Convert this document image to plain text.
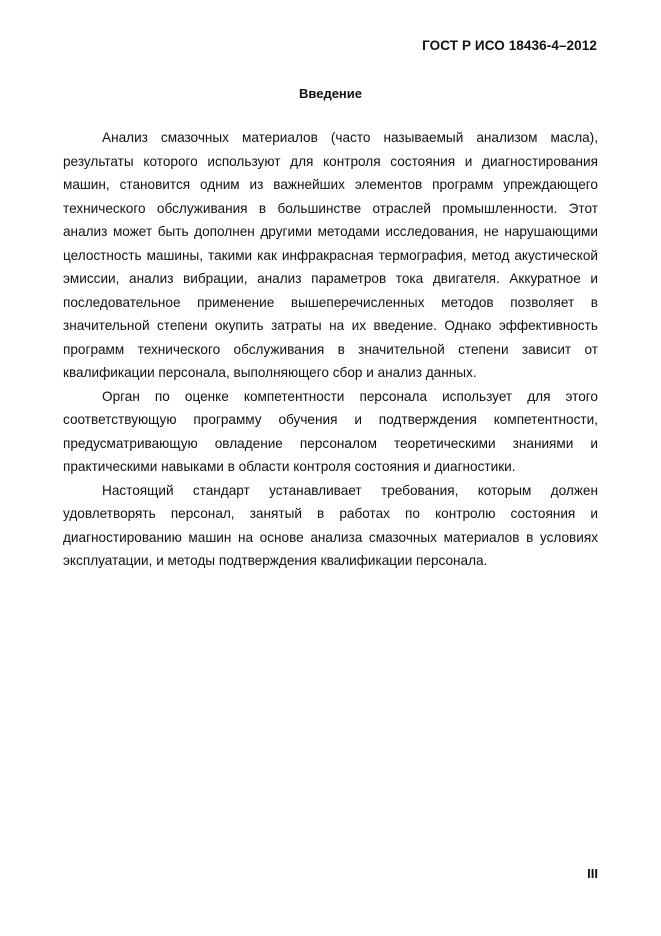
ГОСТ Р ИСО 18436-4–2012
Введение

Анализ смазочных материалов (часто называемый анализом масла), результаты которого используют для контроля состояния и диагностирования машин, становится одним из важнейших элементов программ упреждающего технического обслуживания в большинстве отраслей промышленности. Этот анализ может быть дополнен другими методами исследования, не нарушающими целостность машины, такими как инфракрасная термография, метод акустической эмиссии, анализ вибрации, анализ параметров тока двигателя. Аккуратное и последовательное применение вышеперечисленных методов позволяет в значительной степени окупить затраты на их введение. Однако эффективность программ технического обслуживания в значительной степени зависит от квалификации персонала, выполняющего сбор и анализ данных.

Орган по оценке компетентности персонала использует для этого соответствующую программу обучения и подтверждения компетентности, предусматривающую овладение персоналом теоретическими знаниями и практическими навыками в области контроля состояния и диагностики.

Настоящий стандарт устанавливает требования, которым должен удовлетворять персонал, занятый в работах по контролю состояния и диагностированию машин на основе анализа смазочных материалов в условиях эксплуатации, и методы подтверждения квалификации персонала.

III
